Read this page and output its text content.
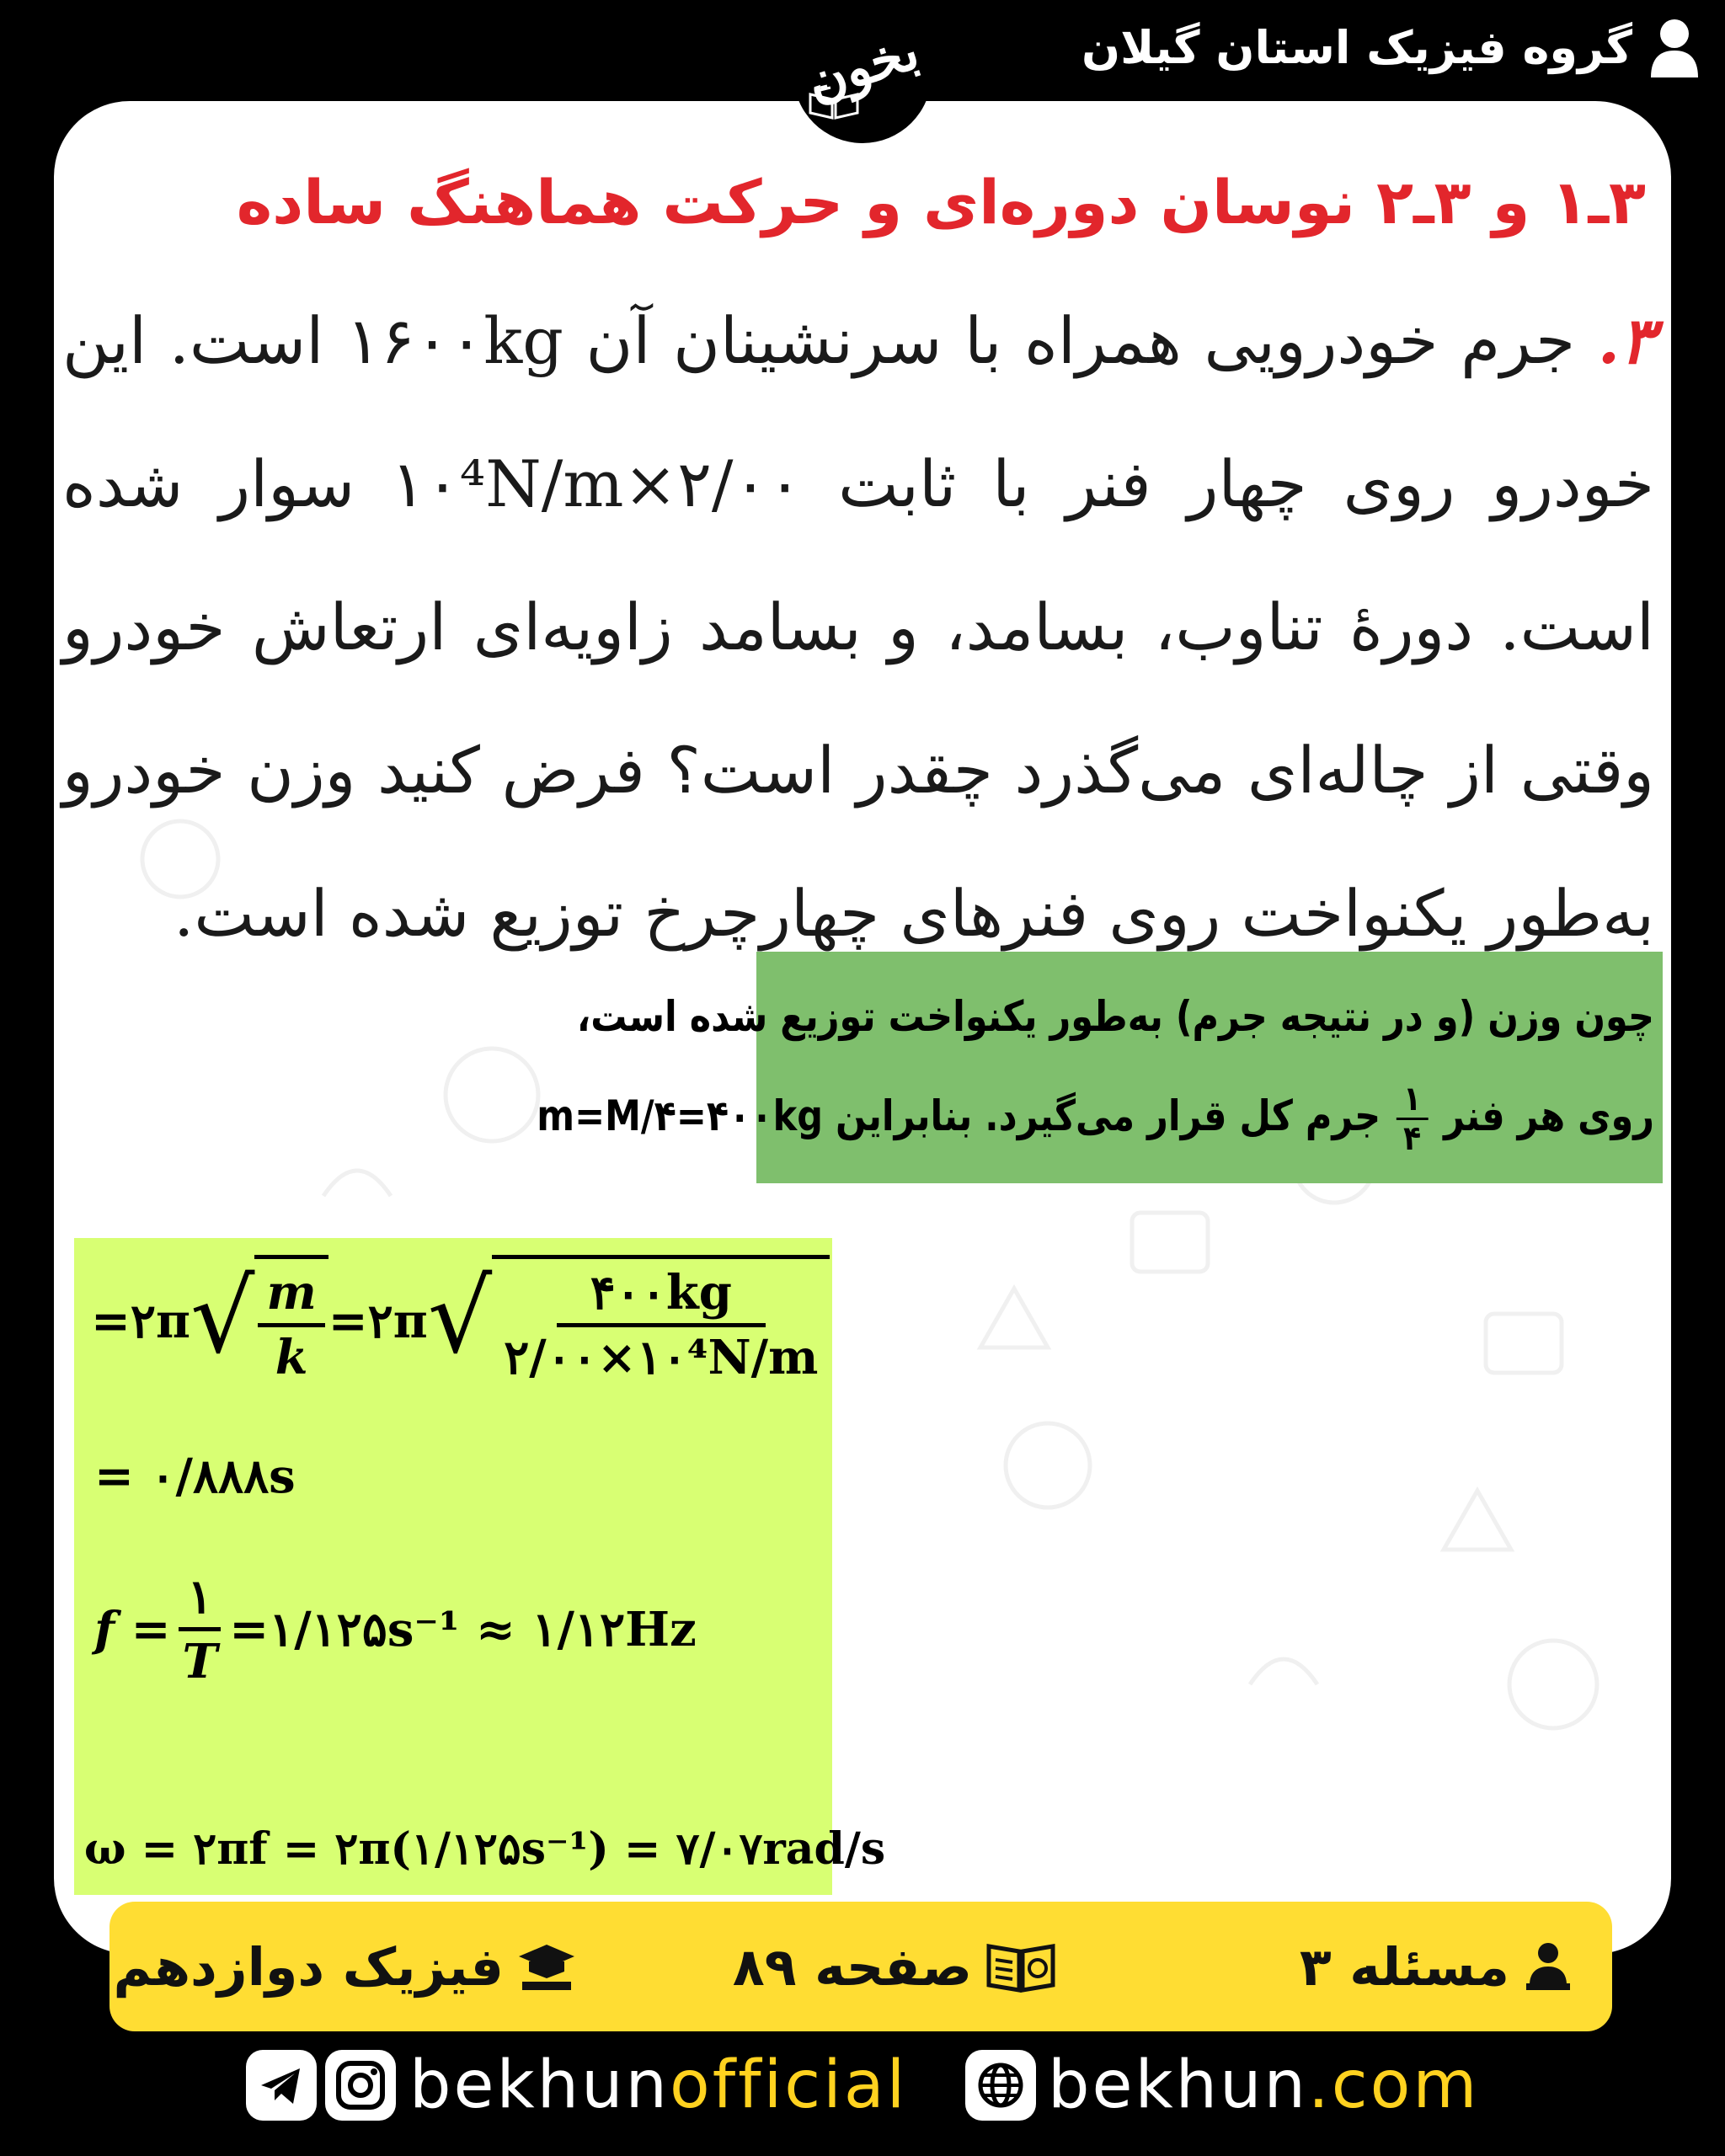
گروه فیزیک استان گیلان
بخون
۳ـ۱ و ۳ـ۲ نوسان دوره‌ای و حرکت هماهنگ ساده
۳. جرم خودرویی همراه با سرنشینان آن ۱۶۰۰kg است. این خودرو روی چهار فنر با ثابت ۲/۰۰×۱۰⁴N/m سوار شده است. دورهٔ تناوب، بسامد، و بسامد زاویه‌ای ارتعاش خودرو وقتی از چاله‌ای می‌گذرد چقدر است؟ فرض کنید وزن خودرو به‌طور یکنواخت روی فنرهای چهارچرخ توزیع شده است.
چون وزن (و در نتیجه جرم) به‌طور یکنواخت توزیع شده است،
روی هر فنر
$\frac{۱}{۴}$
جرم کل قرار می‌گیرد. بنابراین m=M/۴=۴۰۰kg
=۲π √ $\frac{m}{k}$ =۲π √ $\frac{۴۰۰kg}{\text{۲/۰۰×۱۰⁴N/m}}$
= ۰/۸۸۸s
$f = \frac{۱}{T}$ =۱/۱۲۵s⁻¹ ≈ ۱/۱۲Hz
ω = ۲πf = ۲π(۱/۱۲۵s⁻¹) = ۷/۰۷rad/s
مسئله ۳
صفحه ۸۹
فیزیک دوازدهم
bekhunofficial bekhun.com
